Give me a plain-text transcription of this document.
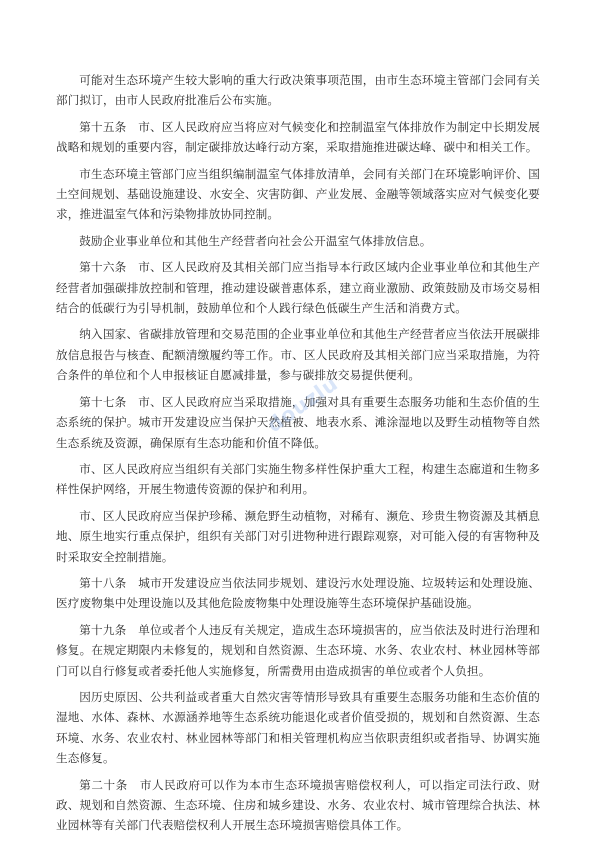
可能对生态环境产生较大影响的重大行政决策事项范围，由市生态环境主管部门会同有关部门拟订，由市人民政府批准后公布实施。

第十五条　市、区人民政府应当将应对气候变化和控制温室气体排放作为制定中长期发展战略和规划的重要内容，制定碳排放达峰行动方案，采取措施推进碳达峰、碳中和相关工作。

市生态环境主管部门应当组织编制温室气体排放清单，会同有关部门在环境影响评价、国土空间规划、基础设施建设、水安全、灾害防御、产业发展、金融等领域落实应对气候变化要求，推进温室气体和污染物排放协同控制。

鼓励企业事业单位和其他生产经营者向社会公开温室气体排放信息。

第十六条　市、区人民政府及其相关部门应当指导本行政区域内企业事业单位和其他生产经营者加强碳排放控制和管理，推动建设碳普惠体系，建立商业激励、政策鼓励及市场交易相结合的低碳行为引导机制，鼓励单位和个人践行绿色低碳生产生活和消费方式。

纳入国家、省碳排放管理和交易范围的企业事业单位和其他生产经营者应当依法开展碳排放信息报告与核查、配额清缴履约等工作。市、区人民政府及其相关部门应当采取措施，为符合条件的单位和个人申报核证自愿减排量，参与碳排放交易提供便利。

第十七条　市、区人民政府应当采取措施，加强对具有重要生态服务功能和生态价值的生态系统的保护。城市开发建设应当保护天然植被、地表水系、滩涂湿地以及野生动植物等自然生态系统及资源，确保原有生态功能和价值不降低。

市、区人民政府应当组织有关部门实施生物多样性保护重大工程，构建生态廊道和生物多样性保护网络，开展生物遗传资源的保护和利用。

市、区人民政府应当保护珍稀、濒危野生动植物，对稀有、濒危、珍贵生物资源及其栖息地、原生地实行重点保护，组织有关部门对引进物种进行跟踪观察，对可能入侵的有害物种及时采取安全控制措施。

第十八条　城市开发建设应当依法同步规划、建设污水处理设施、垃圾转运和处理设施、医疗废物集中处理设施以及其他危险废物集中处理设施等生态环境保护基础设施。

第十九条　单位或者个人违反有关规定，造成生态环境损害的，应当依法及时进行治理和修复。在规定期限内未修复的，规划和自然资源、生态环境、水务、农业农村、林业园林等部门可以自行修复或者委托他人实施修复，所需费用由造成损害的单位或者个人负担。

因历史原因、公共利益或者重大自然灾害等情形导致具有重要生态服务功能和生态价值的湿地、水体、森林、水源涵养地等生态系统功能退化或者价值受损的，规划和自然资源、生态环境、水务、农业农村、林业园林等部门和相关管理机构应当依职责组织或者指导、协调实施生态修复。

第二十条　市人民政府可以作为本市生态环境损害赔偿权利人，可以指定司法行政、财政、规划和自然资源、生态环境、住房和城乡建设、水务、农业农村、城市管理综合执法、林业园林等有关部门代表赔偿权利人开展生态环境损害赔偿具体工作。

douzlu
